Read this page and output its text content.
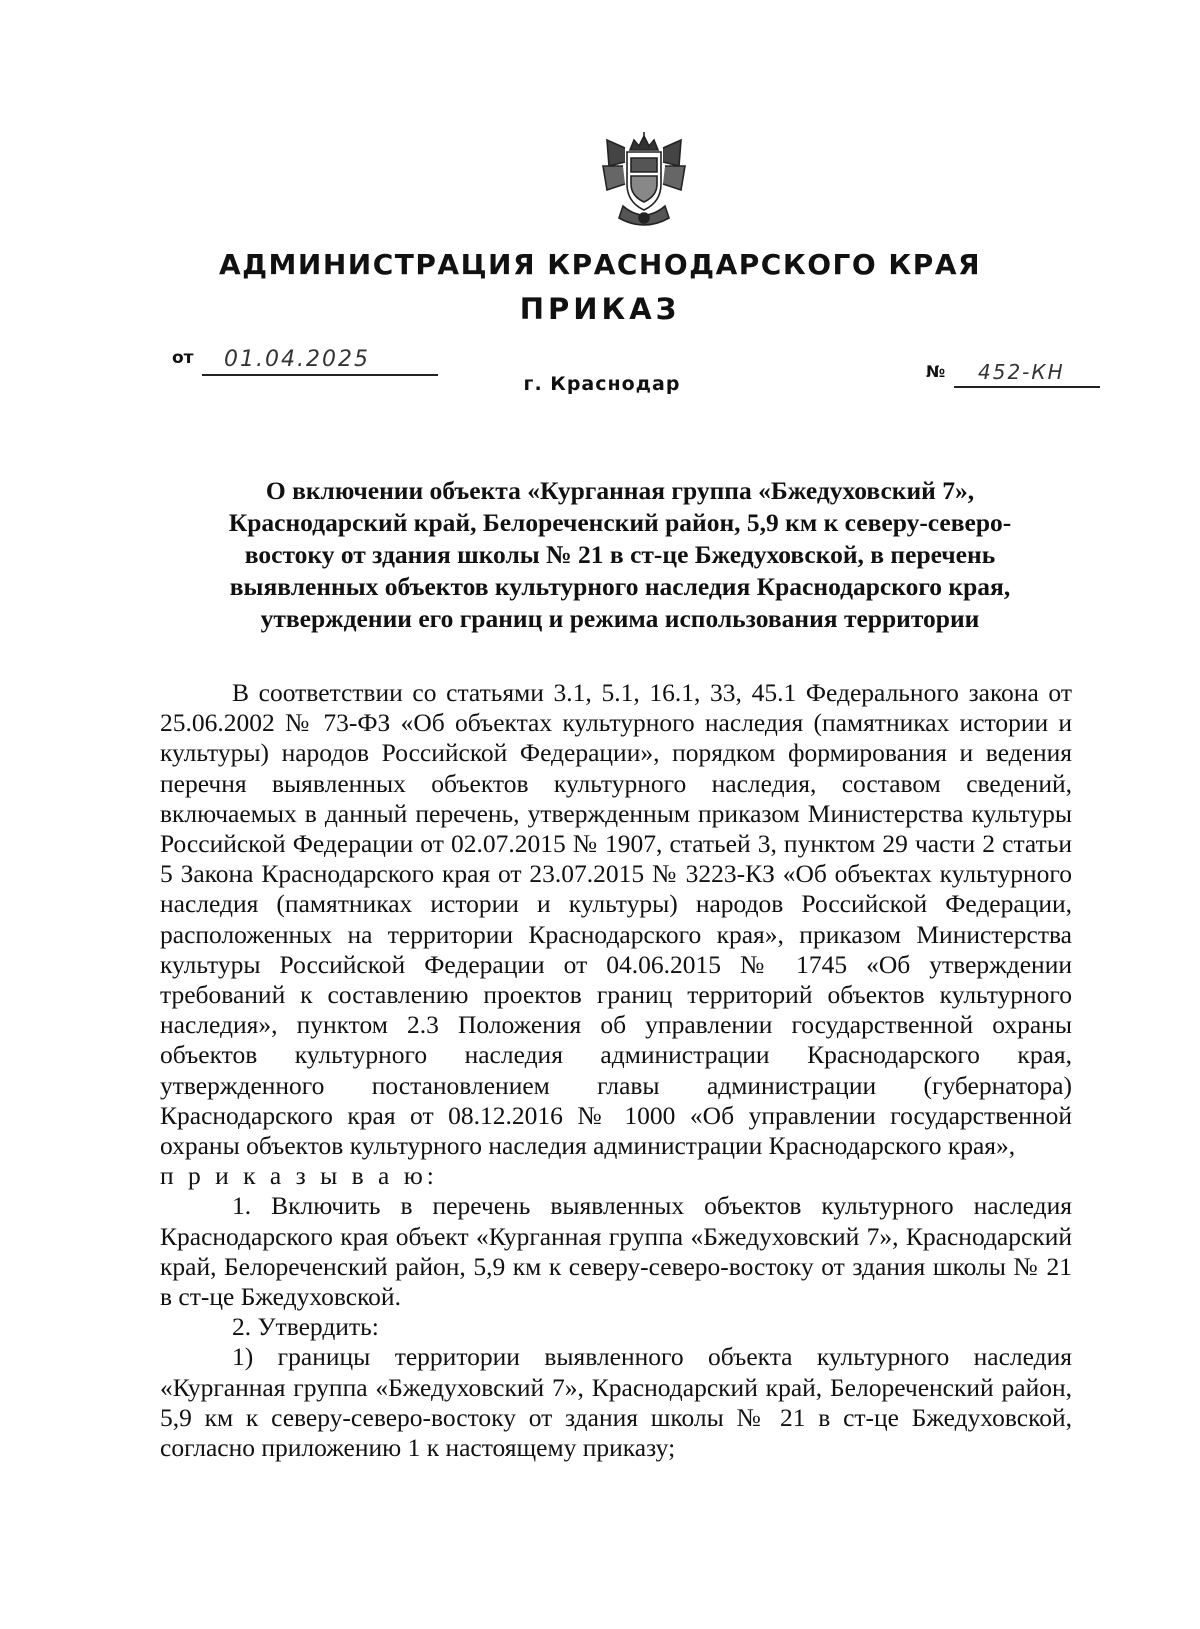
АДМИНИСТРАЦИЯ КРАСНОДАРСКОГО КРАЯ
ПРИКАЗ
от 01.04.2025
г. Краснодар
№ 452-КН
О включении объекта «Курганная группа «Бжедуховский 7»,
Краснодарский край, Белореченский район, 5,9 км к северу-северо-
востоку от здания школы № 21 в ст-це Бжедуховской, в перечень
выявленных объектов культурного наследия Краснодарского края,
утверждении его границ и режима использования территории

В соответствии со статьями 3.1, 5.1, 16.1, 33, 45.1 Федерального закона от 25.06.2002 № 73-ФЗ «Об объектах культурного наследия (памятниках истории и культуры) народов Российской Федерации», порядком формирования и ведения перечня выявленных объектов культурного наследия, составом сведений, включаемых в данный перечень, утвержденным приказом Министерства культуры Российской Федерации от 02.07.2015 № 1907, статьей 3, пунктом 29 части 2 статьи 5 Закона Краснодарского края от 23.07.2015 № 3223-КЗ «Об объектах культурного наследия (памятниках истории и культуры) народов Российской Федерации, расположенных на территории Краснодарского края», приказом Министерства культуры Российской Федерации от 04.06.2015 № 1745 «Об утверждении требований к составлению проектов границ территорий объектов культурного наследия», пунктом 2.3 Положения об управлении государственной охраны объектов культурного наследия администрации Краснодарского края, утвержденного постановлением главы администрации (губернатора) Краснодарского края от 08.12.2016 № 1000 «Об управлении государственной охраны объектов культурного наследия администрации Краснодарского края»,

п р и к а з ы в а ю:

1. Включить в перечень выявленных объектов культурного наследия Краснодарского края объект «Курганная группа «Бжедуховский 7», Краснодарский край, Белореченский район, 5,9 км к северу-северо-востоку от здания школы № 21 в ст-це Бжедуховской.

2. Утвердить:

1) границы территории выявленного объекта культурного наследия «Курганная группа «Бжедуховский 7», Краснодарский край, Белореченский район, 5,9 км к северу-северо-востоку от здания школы № 21 в ст-це Бжедуховской, согласно приложению 1 к настоящему приказу;
